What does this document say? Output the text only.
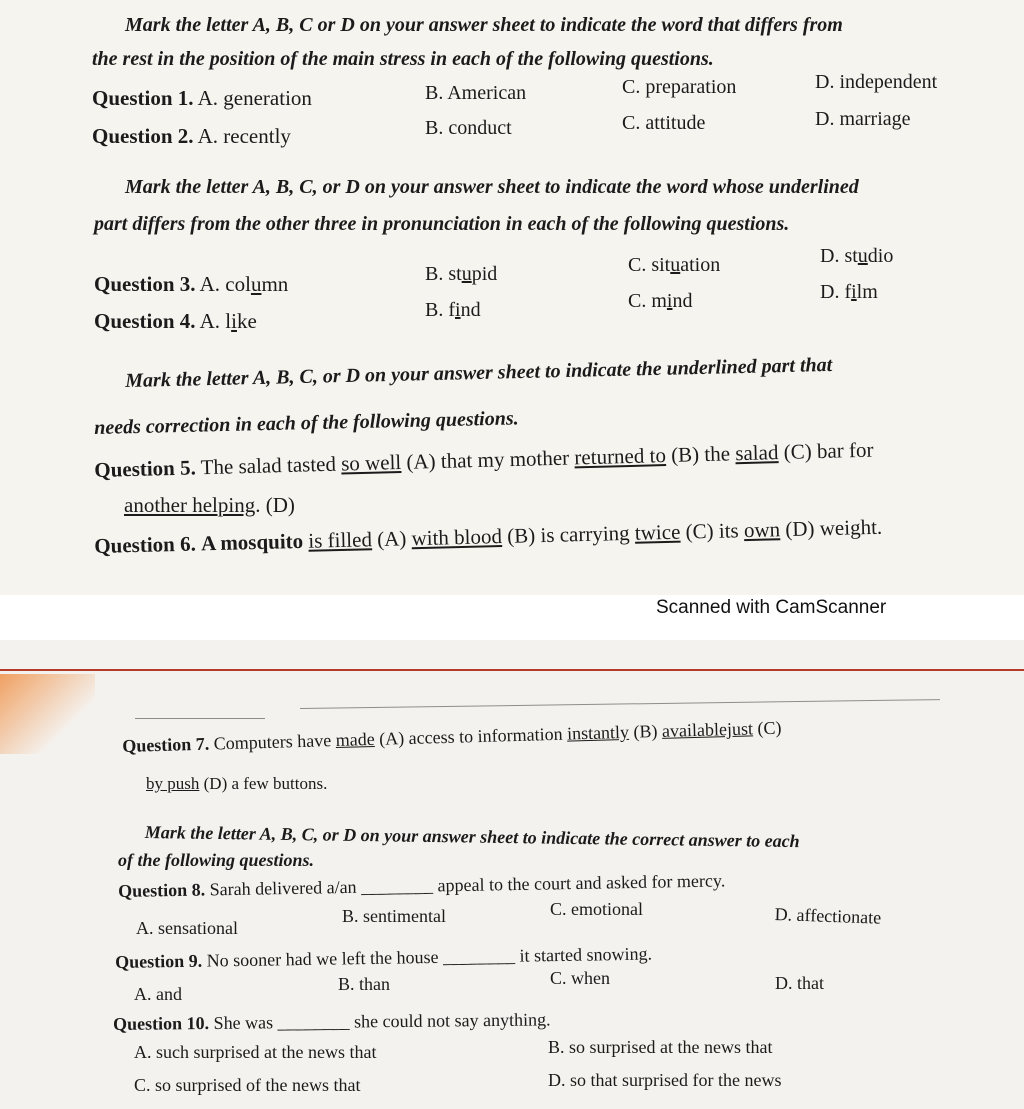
Mark the letter A, B, C or D on your answer sheet to indicate the word that differs from
the rest in the position of the main stress in each of the following questions.
Question 1. A. generation	B. American	C. preparation	D. independent
Question 2. A. recently	B. conduct	C. attitude	D. marriage
Mark the letter A, B, C, or D on your answer sheet to indicate the word whose underlined
part differs from the other three in pronunciation in each of the following questions.
Question 3. A. column	B. stupid	C. situation	D. studio
Question 4. A. like	B. find	C. mind	D. film
Mark the letter A, B, C, or D on your answer sheet to indicate the underlined part that
needs correction in each of the following questions.
Question 5. The salad tasted so well (A) that my mother returned to (B) the salad (C) bar for
another helping. (D)
Question 6. A mosquito is filled (A) with blood (B) is carrying twice (C) its own (D) weight.
Scanned with CamScanner
Question 7. Computers have made (A) access to information instantly (B) availablejust (C)
by push (D) a few buttons.
Mark the letter A, B, C, or D on your answer sheet to indicate the correct answer to each
of the following questions.
Question 8. Sarah delivered a/an ________ appeal to the court and asked for mercy.
A. sensational
B. sentimental	C. emotional	D. affectionate
Question 9. No sooner had we left the house ________ it started snowing.
A. and	B. than	C. when	D. that
Question 10. She was ________ she could not say anything.
A. such surprised at the news that	B. so surprised at the news that
C. so surprised of the news that	D. so that surprised for the news
